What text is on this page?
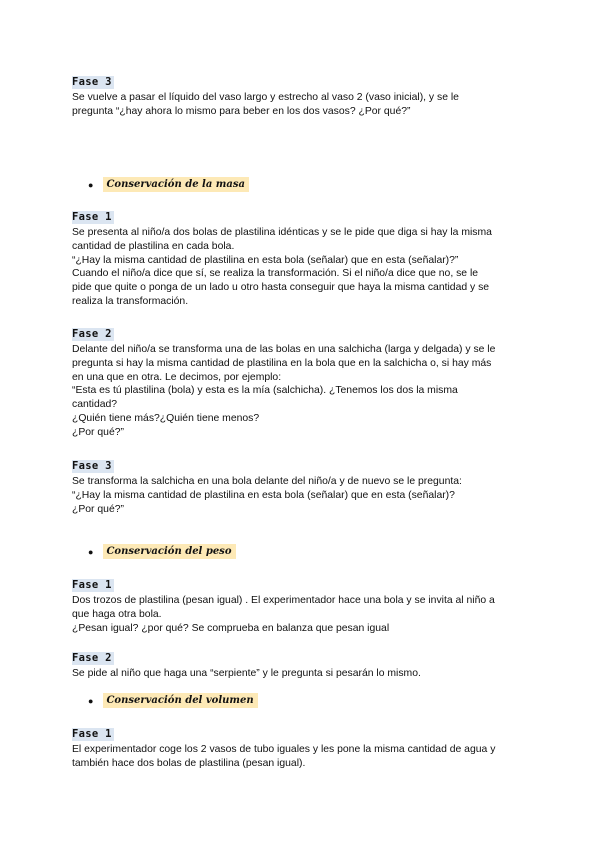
Fase 3
Se vuelve a pasar el líquido del vaso largo y estrecho al vaso 2 (vaso inicial), y se le
pregunta “¿hay ahora lo mismo para beber en los dos vasos? ¿Por qué?”
●	Conservación de la masa
Fase 1
Se presenta al niño/a dos bolas de plastilina idénticas y se le pide que diga si hay la misma
cantidad de plastilina en cada bola.
“¿Hay la misma cantidad de plastilina en esta bola (señalar) que en esta (señalar)?”
Cuando el niño/a dice que sí, se realiza la transformación. Si el niño/a dice que no, se le
pide que quite o ponga de un lado u otro hasta conseguir que haya la misma cantidad y se
realiza la transformación.
Fase 2
Delante del niño/a se transforma una de las bolas en una salchicha (larga y delgada) y se le
pregunta si hay la misma cantidad de plastilina en la bola que en la salchicha o, si hay más
en una que en otra. Le decimos, por ejemplo:
“Esta es tú plastilina (bola) y esta es la mía (salchicha). ¿Tenemos los dos la misma
cantidad?
¿Quién tiene más?¿Quién tiene menos?
¿Por qué?”
Fase 3
Se transforma la salchicha en una bola delante del niño/a y de nuevo se le pregunta:
“¿Hay la misma cantidad de plastilina en esta bola (señalar) que en esta (señalar)?
¿Por qué?”
●	Conservación del peso
Fase 1
Dos trozos de plastilina (pesan igual) . El experimentador hace una bola y se invita al niño a
que haga otra bola.
¿Pesan igual? ¿por qué? Se comprueba en balanza que pesan igual
Fase 2
Se pide al niño que haga una “serpiente” y le pregunta si pesarán lo mismo.
●	Conservación del volumen
Fase 1
El experimentador coge los 2 vasos de tubo iguales y les pone la misma cantidad de agua y
también hace dos bolas de plastilina (pesan igual).
